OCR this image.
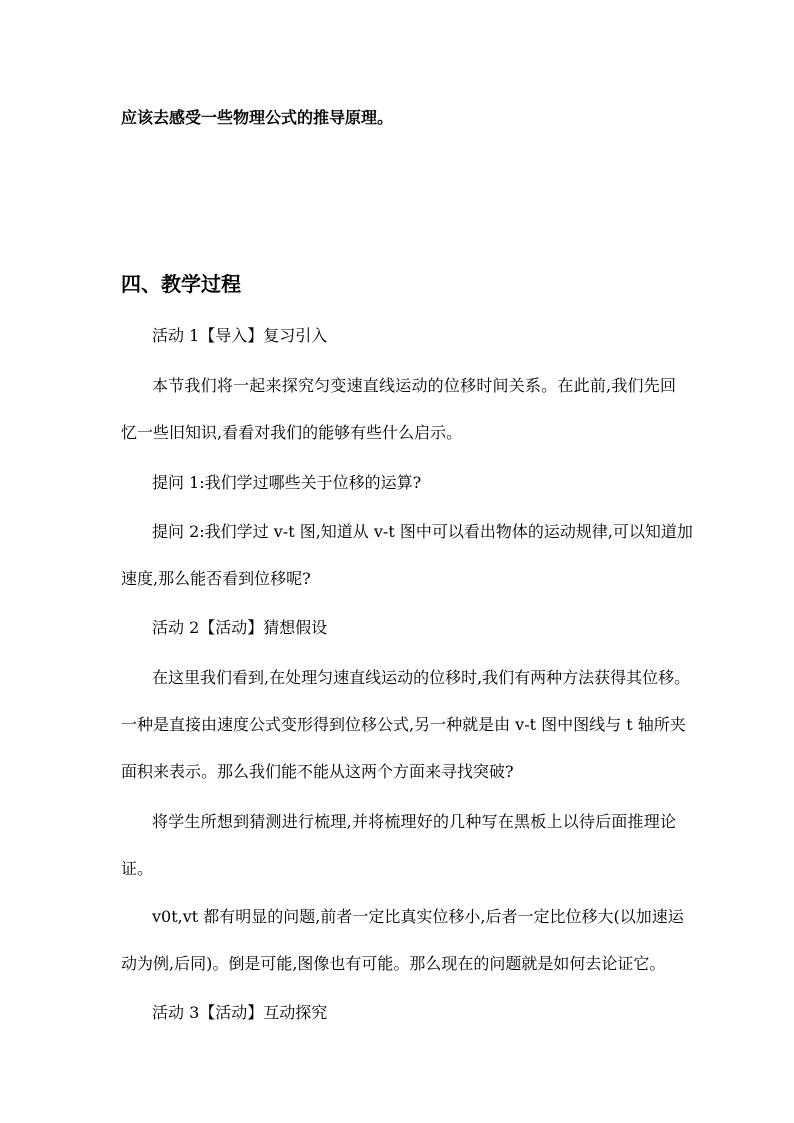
应该去感受一些物理公式的推导原理。

四、教学过程

活动 1【导入】复习引入

本节我们将一起来探究匀变速直线运动的位移时间关系。在此前,我们先回

忆一些旧知识,看看对我们的能够有些什么启示。

提问 1:我们学过哪些关于位移的运算?

提问 2:我们学过 v-t 图,知道从 v-t 图中可以看出物体的运动规律,可以知道加

速度,那么能否看到位移呢?

活动 2【活动】猜想假设

在这里我们看到,在处理匀速直线运动的位移时,我们有两种方法获得其位移。

一种是直接由速度公式变形得到位移公式,另一种就是由 v-t 图中图线与 t 轴所夹

面积来表示。那么我们能不能从这两个方面来寻找突破?

将学生所想到猜测进行梳理,并将梳理好的几种写在黑板上以待后面推理论

证。

v0t,vt 都有明显的问题,前者一定比真实位移小,后者一定比位移大(以加速运

动为例,后同)。倒是可能,图像也有可能。那么现在的问题就是如何去论证它。

活动 3【活动】互动探究
